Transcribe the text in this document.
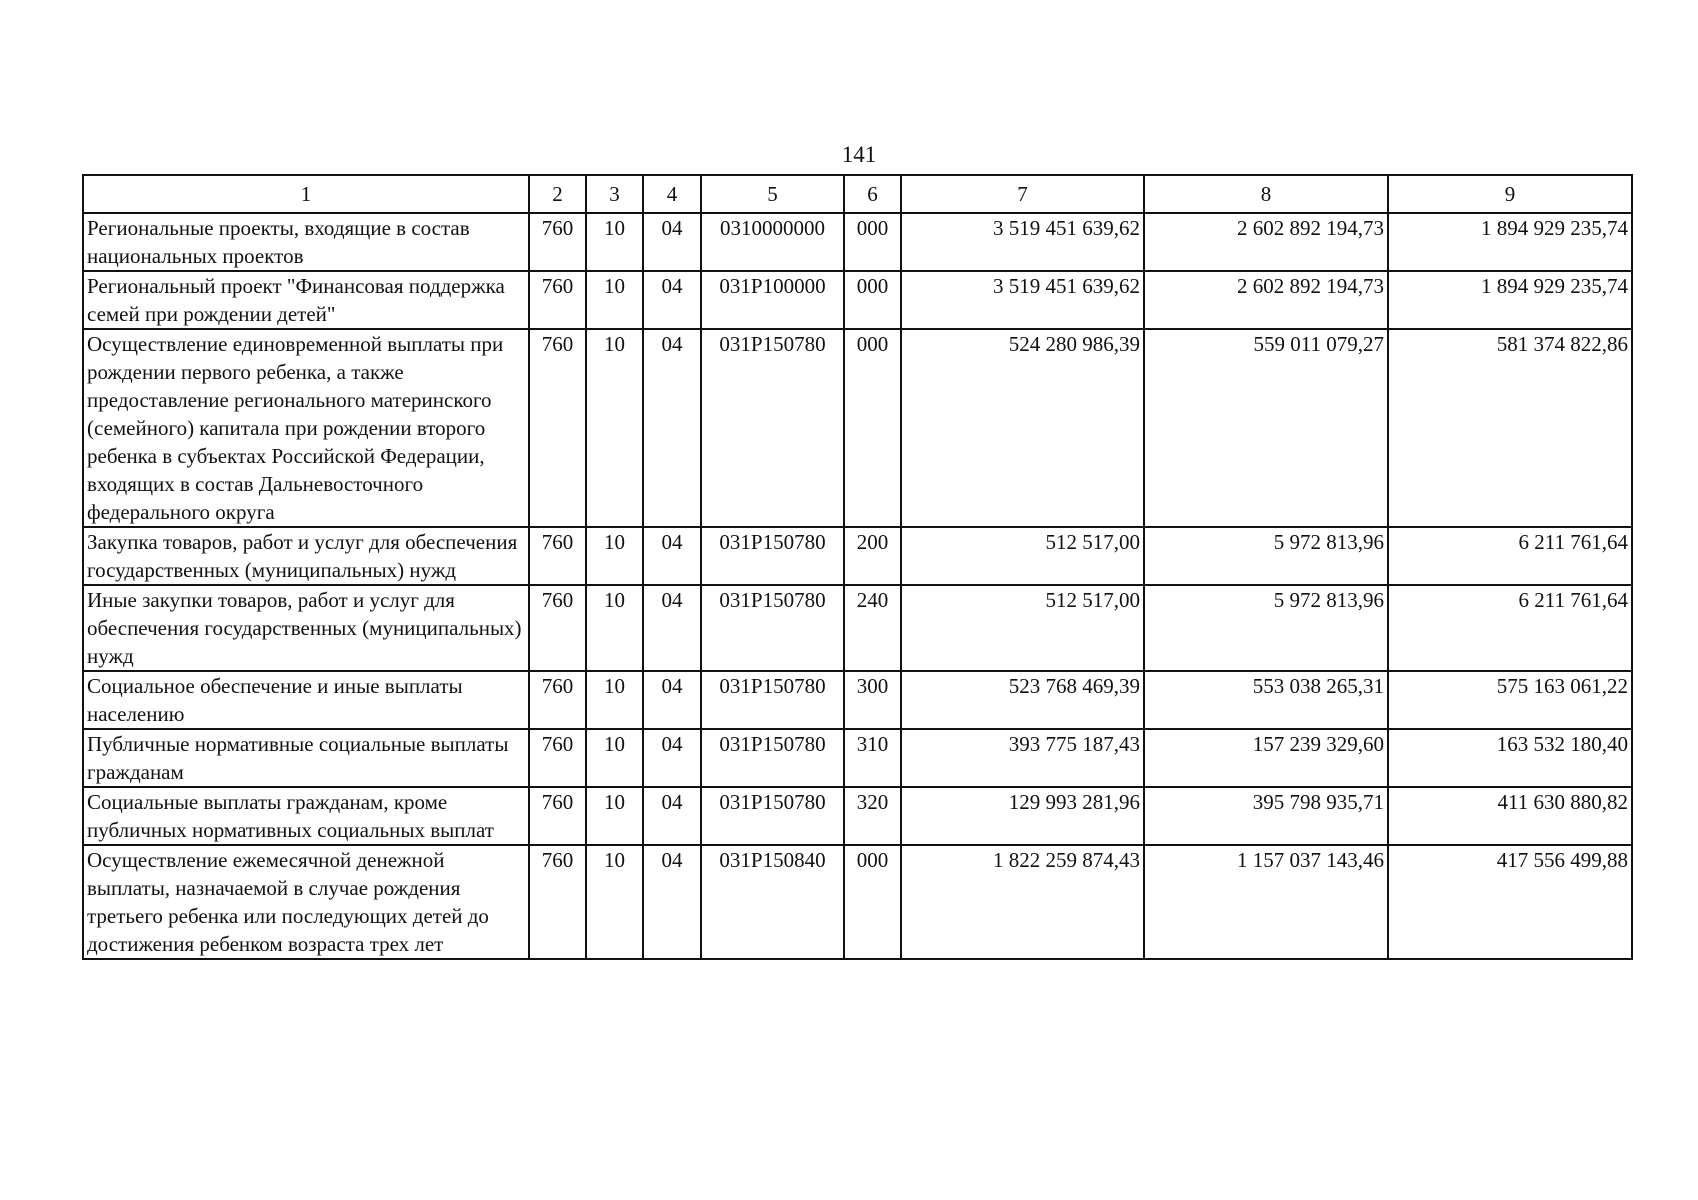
141
1	2	3	4	5	6	7	8	9
Региональные проекты, входящие в состав национальных проектов	760	10	04	0310000000	000	3 519 451 639,62	2 602 892 194,73	1 894 929 235,74
Региональный проект "Финансовая поддержка семей при рождении детей"	760	10	04	031P100000	000	3 519 451 639,62	2 602 892 194,73	1 894 929 235,74
Осуществление единовременной выплаты при рождении первого ребенка, а также предоставление регионального материнского (семейного) капитала при рождении второго ребенка в субъектах Российской Федерации, входящих в состав Дальневосточного федерального округа	760	10	04	031P150780	000	524 280 986,39	559 011 079,27	581 374 822,86
Закупка товаров, работ и услуг для обеспечения государственных (муниципальных) нужд	760	10	04	031P150780	200	512 517,00	5 972 813,96	6 211 761,64
Иные закупки товаров, работ и услуг для обеспечения государственных (муниципальных) нужд	760	10	04	031P150780	240	512 517,00	5 972 813,96	6 211 761,64
Социальное обеспечение и иные выплаты населению	760	10	04	031P150780	300	523 768 469,39	553 038 265,31	575 163 061,22
Публичные нормативные социальные выплаты гражданам	760	10	04	031P150780	310	393 775 187,43	157 239 329,60	163 532 180,40
Социальные выплаты гражданам, кроме публичных нормативных социальных выплат	760	10	04	031P150780	320	129 993 281,96	395 798 935,71	411 630 880,82
Осуществление ежемесячной денежной выплаты, назначаемой в случае рождения третьего ребенка или последующих детей до достижения ребенком возраста трех лет	760	10	04	031P150840	000	1 822 259 874,43	1 157 037 143,46	417 556 499,88
